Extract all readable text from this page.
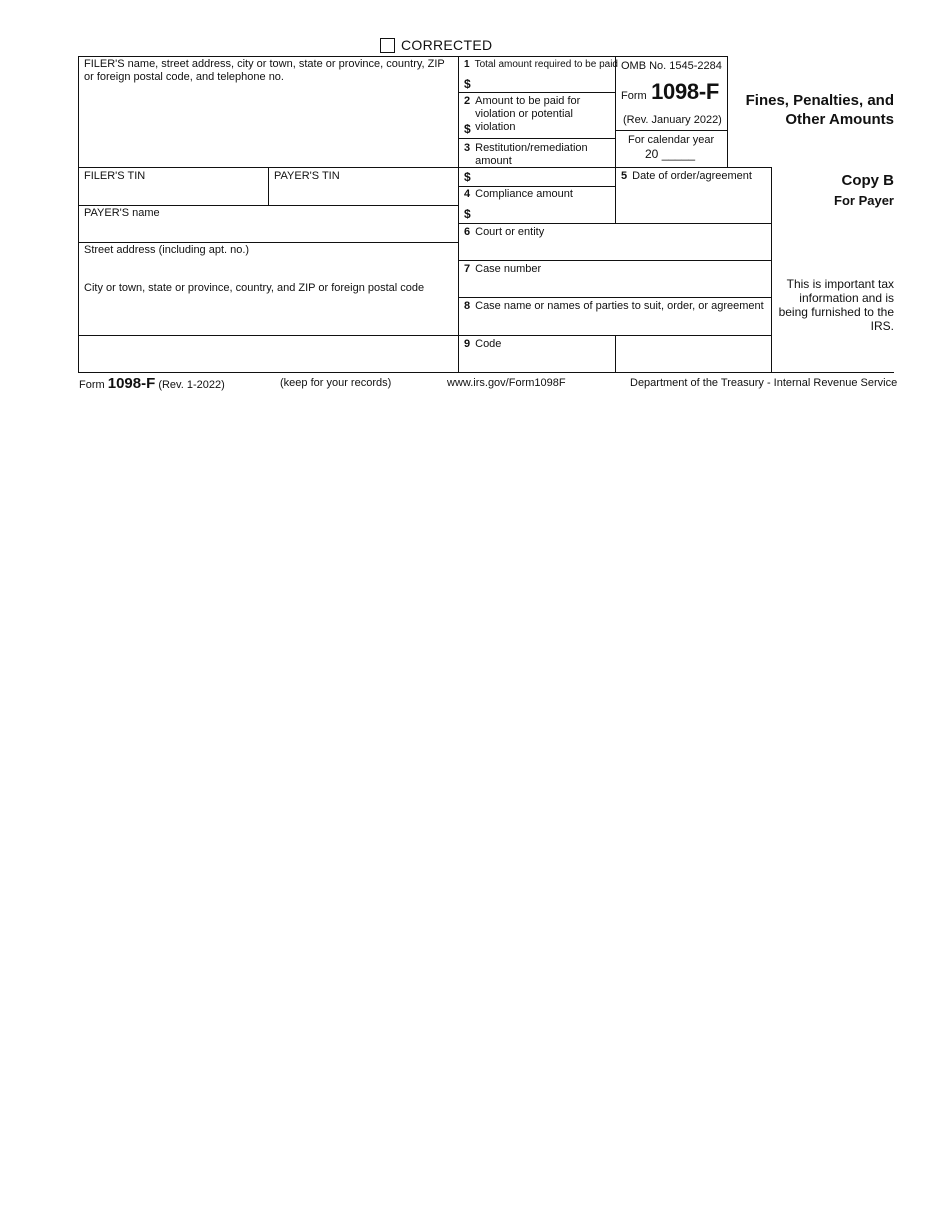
CORRECTED
FILER'S name, street address, city or town, state or province, country, ZIP or foreign postal code, and telephone no.
FILER'S TIN	PAYER'S TIN
PAYER'S name
Street address (including apt. no.)
City or town, state or province, country, and ZIP or foreign postal code
1 Total amount required to be paid
$
2 Amount to be paid for violation or potential violation
$
3 Restitution/remediation amount
$
4 Compliance amount
$
OMB No. 1545-2284
Form 1098-F
(Rev. January 2022)
For calendar year
20 _____
Fines, Penalties, and
Other Amounts
5 Date of order/agreement	Copy B
For Payer
6 Court or entity
7 Case number
8 Case name or names of parties to suit, order, or agreement
9 Code
This is important tax information and is being furnished to the IRS.
Form 1098-F (Rev. 1-2022)	(keep for your records)	www.irs.gov/Form1098F	Department of the Treasury - Internal Revenue Service
